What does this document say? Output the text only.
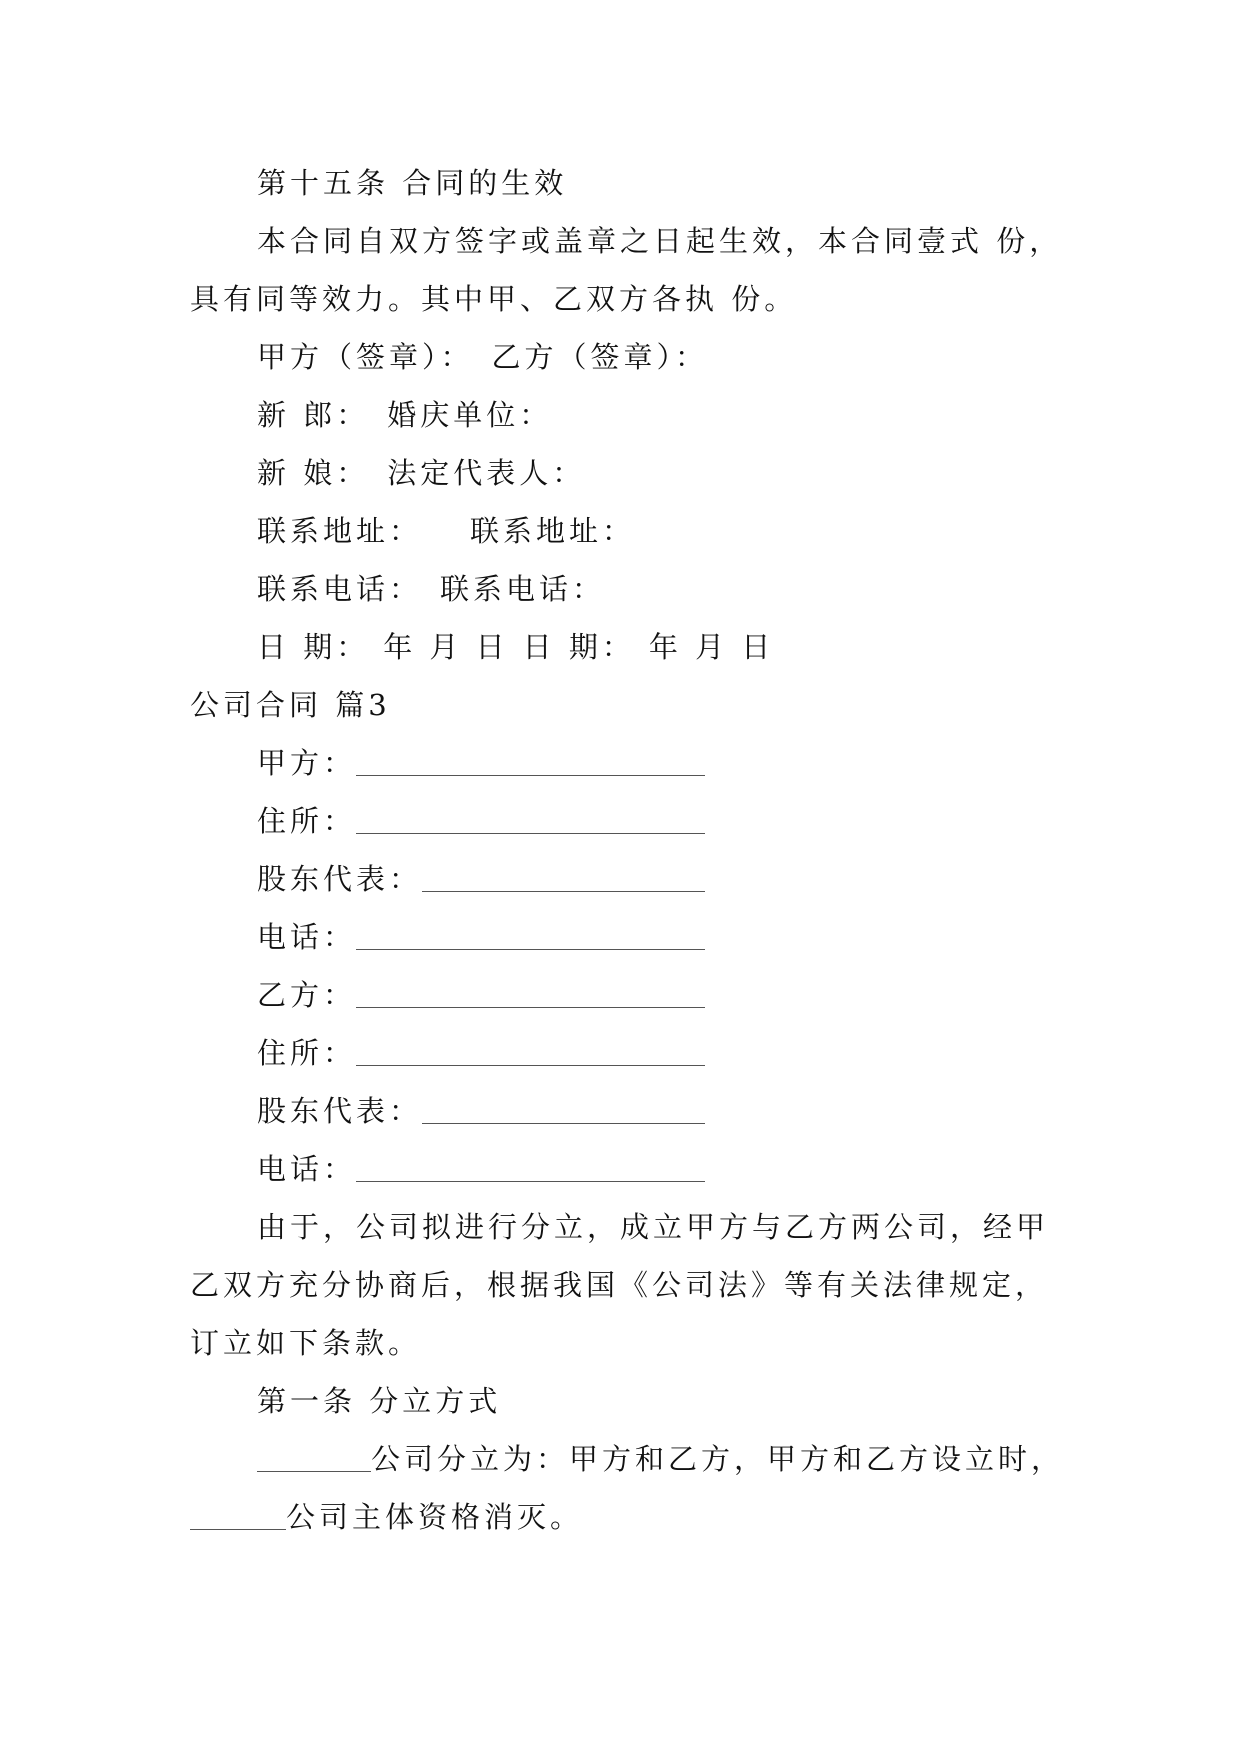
第十五条 合同的生效
本合同自双方签字或盖章之日起生效，本合同壹式 份，
具有同等效力。其中甲、乙双方各执 份。
甲方（签章）： 乙方（签章）：
新 郎： 婚庆单位：
新 娘： 法定代表人：
联系地址： 联系地址：
联系电话： 联系电话：
日 期： 年 月 日 日 期： 年 月 日
公司合同 篇3
甲方：
住所：
股东代表：
电话：
乙方：
住所：
股东代表：
电话：
由于，公司拟进行分立，成立甲方与乙方两公司，经甲
乙双方充分协商后，根据我国《公司法》等有关法律规定，
订立如下条款。
第一条 分立方式
公司分立为：甲方和乙方，甲方和乙方设立时，
公司主体资格消灭。
